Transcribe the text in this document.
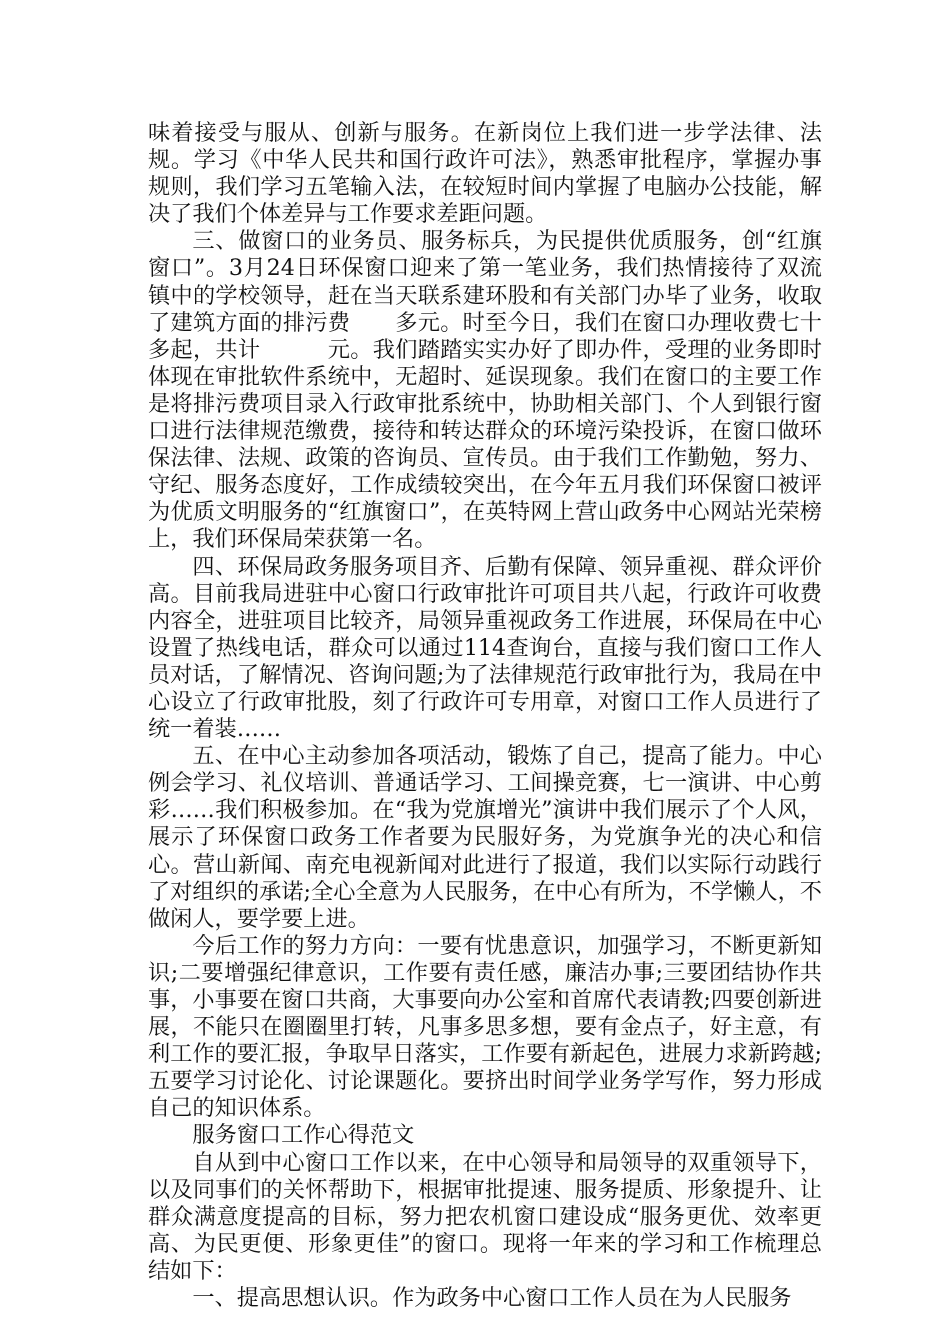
味着接受与服从、创新与服务。在新岗位上我们进一步学法律、法规。学习《中华人民共和国行政许可法》，熟悉审批程序，掌握办事规则，我们学习五笔输入法，在较短时间内掌握了电脑办公技能，解决了我们个体差异与工作要求差距问题。

三、做窗口的业务员、服务标兵，为民提供优质服务，创“红旗窗口”。3月24日环保窗口迎来了第一笔业务，我们热情接待了双流镇中的学校领导，赶在当天联系建环股和有关部门办毕了业务，收取了建筑方面的排污费　　多元。时至今日，我们在窗口办理收费七十多起，共计　　　元。我们踏踏实实办好了即办件，受理的业务即时体现在审批软件系统中，无超时、延误现象。我们在窗口的主要工作是将排污费项目录入行政审批系统中，协助相关部门、个人到银行窗口进行法律规范缴费，接待和转达群众的环境污染投诉，在窗口做环保法律、法规、政策的咨询员、宣传员。由于我们工作勤勉，努力、守纪、服务态度好，工作成绩较突出，在今年五月我们环保窗口被评为优质文明服务的“红旗窗口”，在英特网上营山政务中心网站光荣榜上，我们环保局荣获第一名。

四、环保局政务服务项目齐、后勤有保障、领异重视、群众评价高。目前我局进驻中心窗口行政审批许可项目共八起，行政许可收费内容全，进驻项目比较齐，局领异重视政务工作进展，环保局在中心设置了热线电话，群众可以通过114查询台，直接与我们窗口工作人员对话，了解情况、咨询问题;为了法律规范行政审批行为，我局在中心设立了行政审批股，刻了行政许可专用章，对窗口工作人员进行了统一着装……

五、在中心主动参加各项活动，锻炼了自己，提高了能力。中心例会学习、礼仪培训、普通话学习、工间操竞赛，七一演讲、中心剪彩……我们积极参加。在“我为党旗增光”演讲中我们展示了个人风，展示了环保窗口政务工作者要为民服好务，为党旗争光的决心和信心。营山新闻、南充电视新闻对此进行了报道，我们以实际行动践行了对组织的承诺;全心全意为人民服务，在中心有所为，不学懒人，不做闲人，要学要上进。

今后工作的努力方向：一要有忧患意识，加强学习，不断更新知识;二要增强纪律意识，工作要有责任感，廉洁办事;三要团结协作共事，小事要在窗口共商，大事要向办公室和首席代表请教;四要创新进展，不能只在圈圈里打转，凡事多思多想，要有金点子，好主意，有利工作的要汇报，争取早日落实，工作要有新起色，进展力求新跨越;五要学习讨论化、讨论课题化。要挤出时间学业务学写作，努力形成自己的知识体系。

服务窗口工作心得范文

自从到中心窗口工作以来，在中心领导和局领导的双重领导下，以及同事们的关怀帮助下，根据审批提速、服务提质、形象提升、让群众满意度提高的目标，努力把农机窗口建设成“服务更优、效率更高、为民更便、形象更佳”的窗口。现将一年来的学习和工作梳理总结如下：

一、提高思想认识。作为政务中心窗口工作人员在为人民服务
